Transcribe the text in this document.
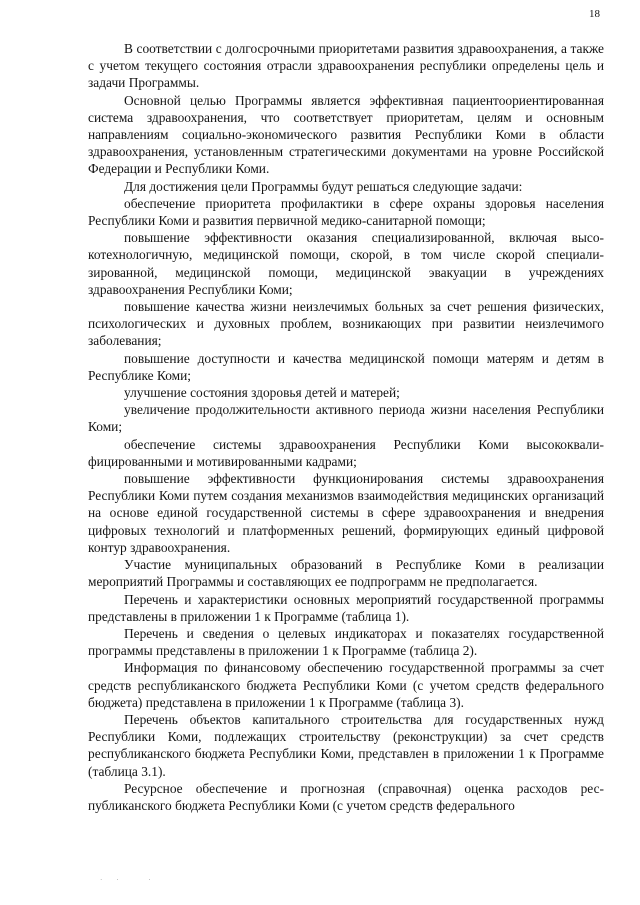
18

В соответствии с долгосрочными приоритетами развития здравоохранения, а также с учетом текущего состояния отрасли здравоохранения республики определены цель и задачи Программы.

Основной целью Программы является эффективная пациентоориентированная система здравоохранения, что соответствует приоритетам, целям и основным направлениям социально-экономического развития Республики Коми в области здравоохранения, установленным стратегическими документами на уровне Российской Федерации и Республики Коми.

Для достижения цели Программы будут решаться следующие задачи:

обеспечение приоритета профилактики в сфере охраны здоровья населения Республики Коми и развития первичной медико-санитарной помощи;

повышение эффективности оказания специализированной, включая высокотехнологичную, медицинской помощи, скорой, в том числе скорой специализированной, медицинской помощи, медицинской эвакуации в учреждениях здравоохранения Республики Коми;

повышение качества жизни неизлечимых больных за счет решения физических, психологических и духовных проблем, возникающих при развитии неизлечимого заболевания;

повышение доступности и качества медицинской помощи матерям и детям в Республике Коми;

улучшение состояния здоровья детей и матерей;

увеличение продолжительности активного периода жизни населения Республики Коми;

обеспечение системы здравоохранения Республики Коми высококвалифицированными и мотивированными кадрами;

повышение эффективности функционирования системы здравоохранения Республики Коми путем создания механизмов взаимодействия медицинских организаций на основе единой государственной системы в сфере здравоохранения и внедрения цифровых технологий и платформенных решений, формирующих единый цифровой контур здравоохранения.

Участие муниципальных образований в Республике Коми в реализации мероприятий Программы и составляющих ее подпрограмм не предполагается.

Перечень и характеристики основных мероприятий государственной программы представлены в приложении 1 к Программе (таблица 1).

Перечень и сведения о целевых индикаторах и показателях государственной программы представлены в приложении 1 к Программе (таблица 2).

Информация по финансовому обеспечению государственной программы за счет средств республиканского бюджета Республики Коми (с учетом средств федерального бюджета) представлена в приложении 1 к Программе (таблица 3).

Перечень объектов капитального строительства для государственных нужд Республики Коми, подлежащих строительству (реконструкции) за счет средств республиканского бюджета Республики Коми, представлен в приложении 1 к Программе (таблица 3.1).

Ресурсное обеспечение и прогнозная (справочная) оценка расходов республиканского бюджета Республики Коми (с учетом средств федерального

·· ·
